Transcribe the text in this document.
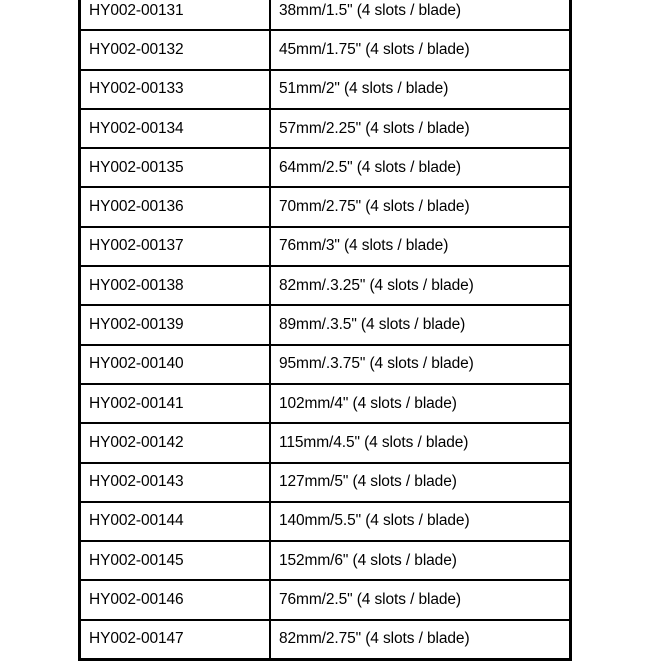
HY002-00131	38mm/1.5" (4 slots / blade)
HY002-00132	45mm/1.75" (4 slots / blade)
HY002-00133	51mm/2" (4 slots / blade)
HY002-00134	57mm/2.25" (4 slots / blade)
HY002-00135	64mm/2.5" (4 slots / blade)
HY002-00136	70mm/2.75" (4 slots / blade)
HY002-00137	76mm/3" (4 slots / blade)
HY002-00138	82mm/.3.25" (4 slots / blade)
HY002-00139	89mm/.3.5" (4 slots / blade)
HY002-00140	95mm/.3.75" (4 slots / blade)
HY002-00141	102mm/4" (4 slots / blade)
HY002-00142	115mm/4.5" (4 slots / blade)
HY002-00143	127mm/5" (4 slots / blade)
HY002-00144	140mm/5.5" (4 slots / blade)
HY002-00145	152mm/6" (4 slots / blade)
HY002-00146	76mm/2.5" (4 slots / blade)
HY002-00147	82mm/2.75" (4 slots / blade)
